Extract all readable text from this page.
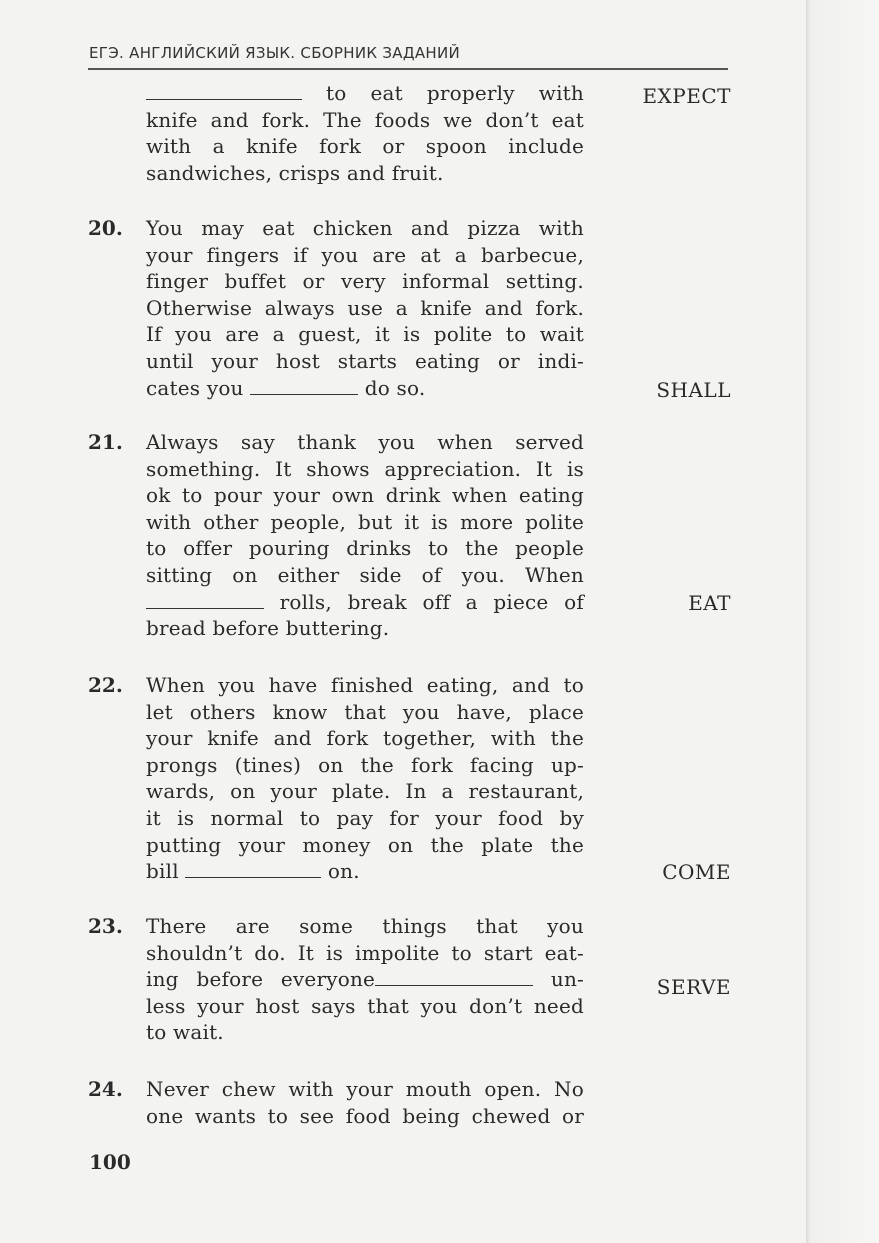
ЕГЭ. АНГЛИЙСКИЙ ЯЗЫК. СБОРНИК ЗАДАНИЙ
to eat properly with
knife and fork. The foods we don’t eat
with a knife fork or spoon include
sandwiches, crisps and fruit.
EXPECT
20. You may eat chicken and pizza with
your fingers if you are at a barbecue,
finger buffet or very informal setting.
Otherwise always use a knife and fork.
If you are a guest, it is polite to wait
until your host starts eating or indi-
cates you	do so.	SHALL
21. Always say thank you when served
something. It shows appreciation. It is
ok to pour your own drink when eating
with other people, but it is more polite
to offer pouring drinks to the people
sitting on either side of you. When
rolls, break off a piece of
bread before buttering.
EAT
22. When you have finished eating, and to
let others know that you have, place
your knife and fork together, with the
prongs (tines) on the fork facing up-
wards, on your plate. In a restaurant,
it is normal to pay for your food by
putting your money on the plate the
bill	on.	COME
23. There are some things that you
shouldn’t do. It is impolite to start eat-
ing before everyone	un-
less your host says that you don’t need
to wait.
SERVE
24. Never chew with your mouth open. No
one wants to see food being chewed or
100
